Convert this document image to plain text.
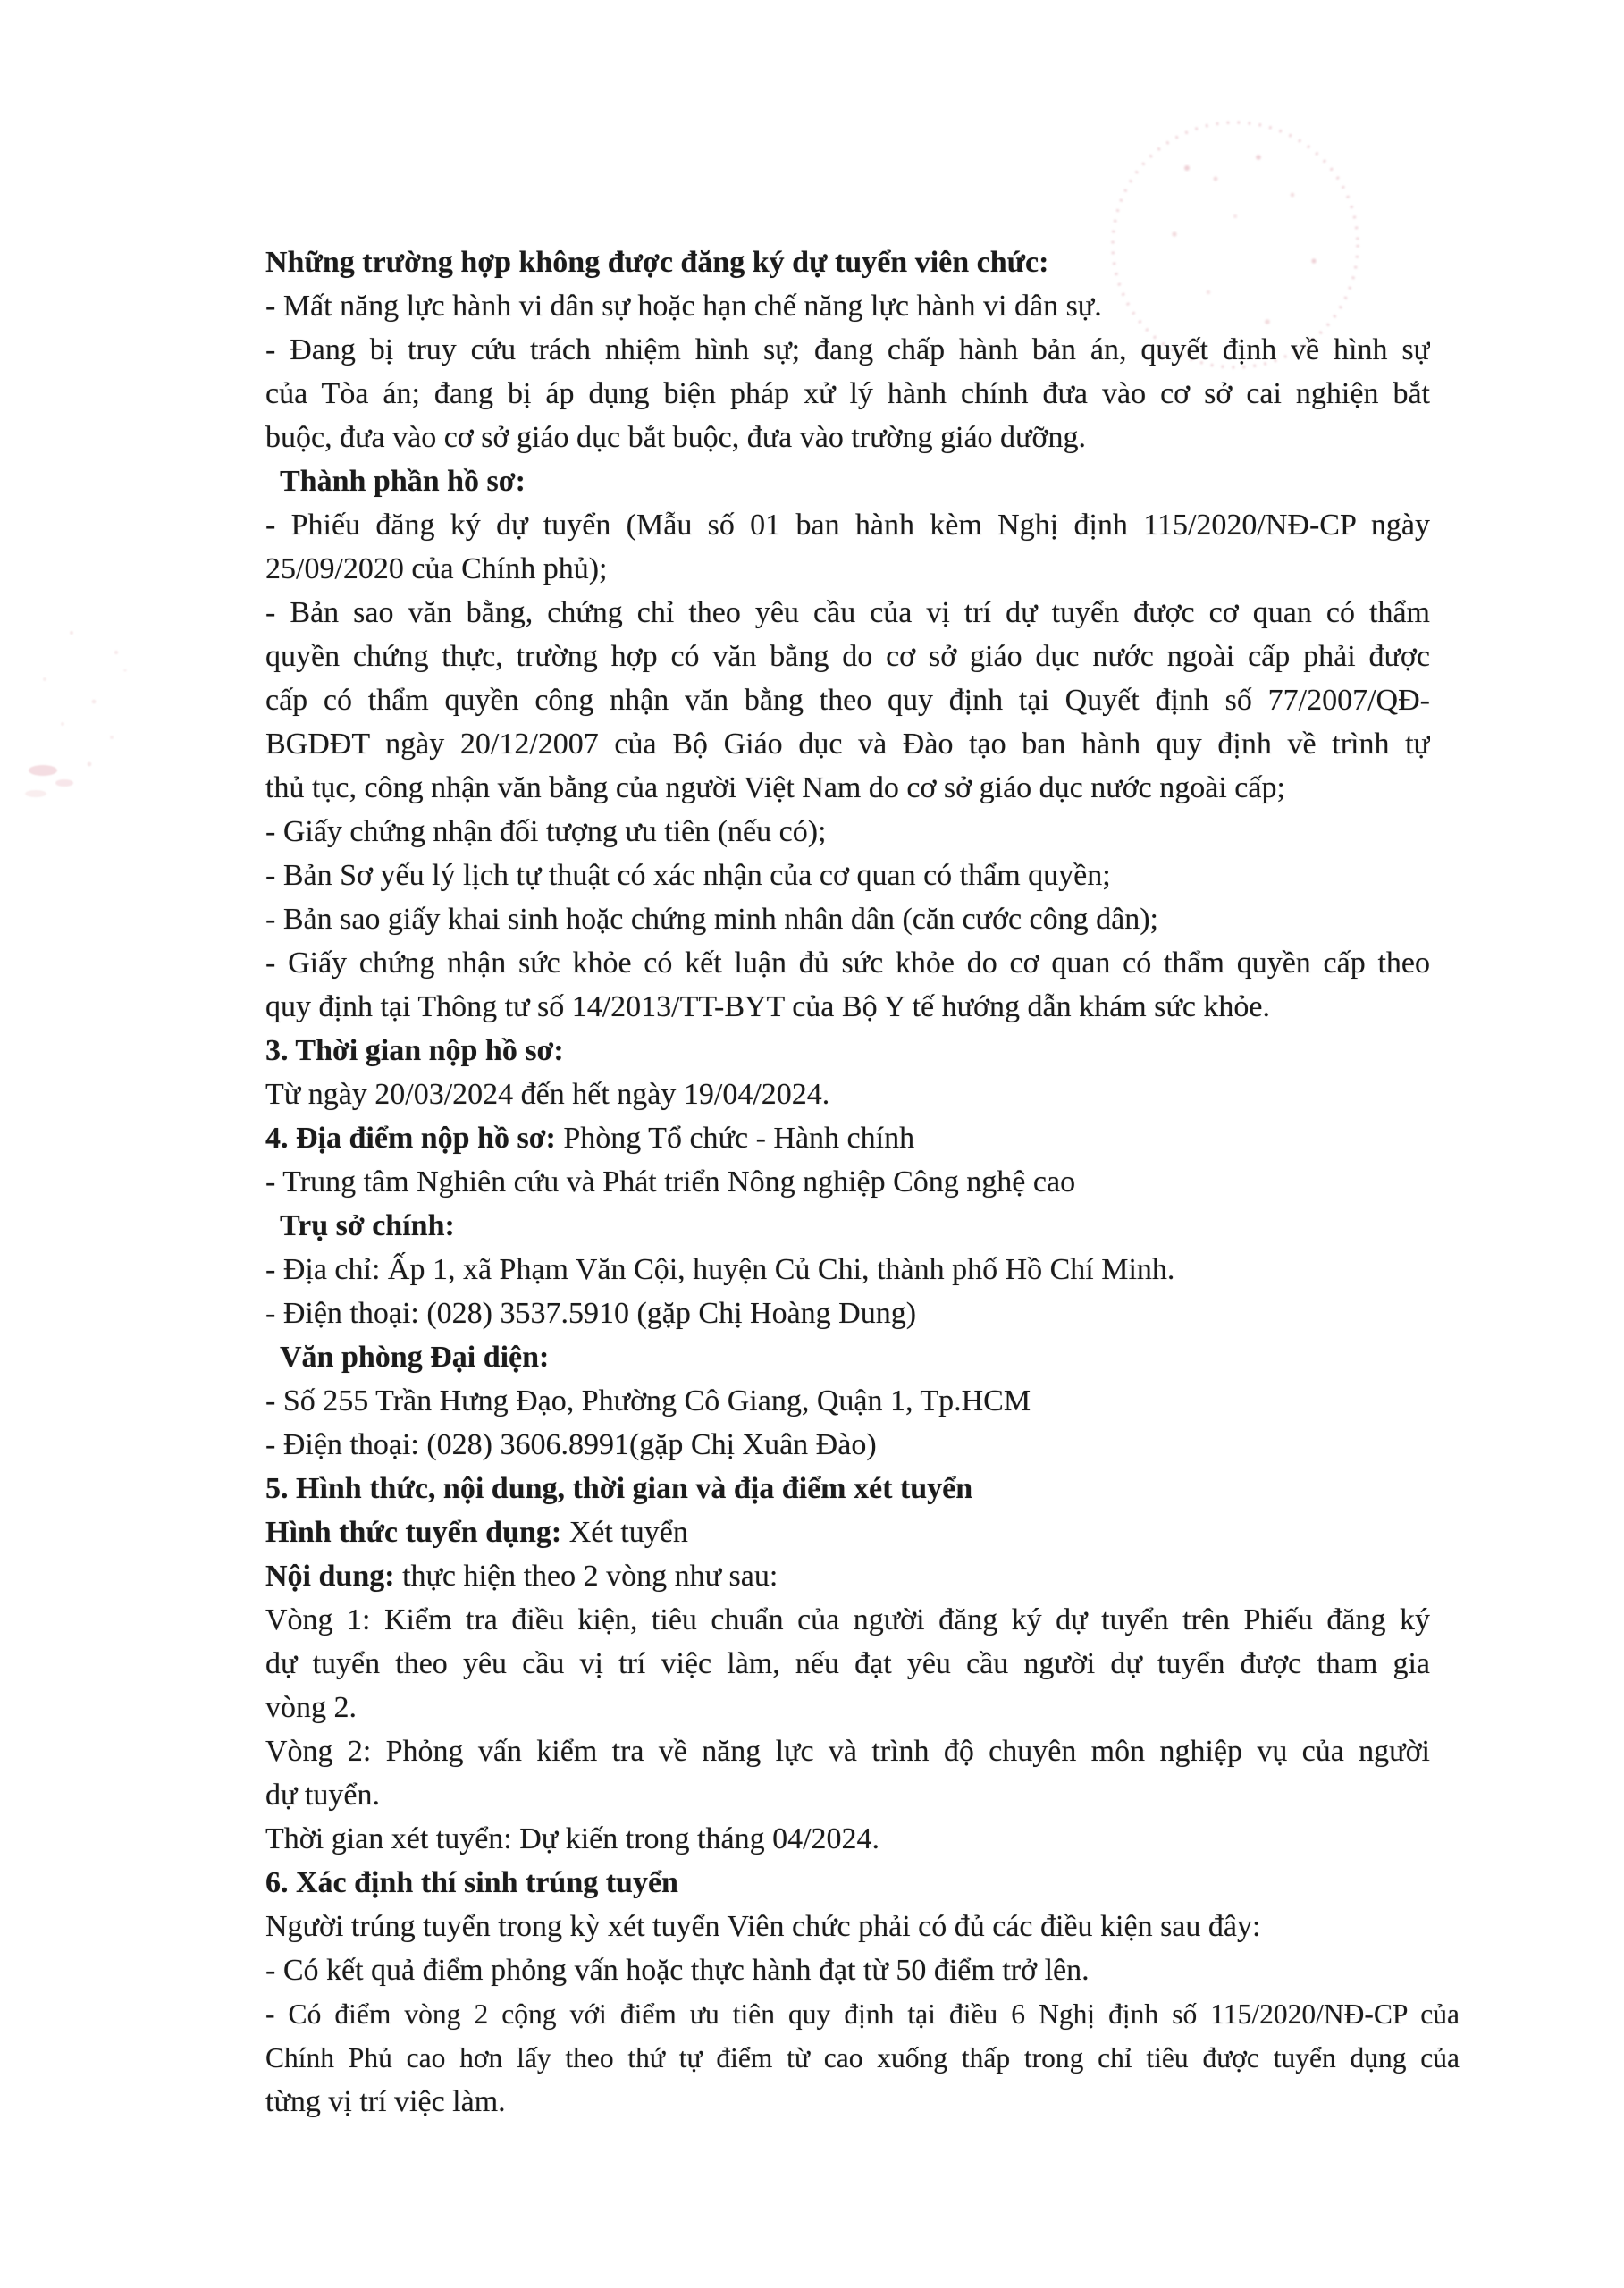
Những trường hợp không được đăng ký dự tuyển viên chức:
- Mất năng lực hành vi dân sự hoặc hạn chế năng lực hành vi dân sự.
- Đang bị truy cứu trách nhiệm hình sự; đang chấp hành bản án, quyết định về hình sự
của Tòa án; đang bị áp dụng biện pháp xử lý hành chính đưa vào cơ sở cai nghiện bắt
buộc, đưa vào cơ sở giáo dục bắt buộc, đưa vào trường giáo dưỡng.
Thành phần hồ sơ:
- Phiếu đăng ký dự tuyển (Mẫu số 01 ban hành kèm Nghị định 115/2020/NĐ-CP ngày
25/09/2020 của Chính phủ);
- Bản sao văn bằng, chứng chỉ theo yêu cầu của vị trí dự tuyển được cơ quan có thẩm
quyền chứng thực, trường hợp có văn bằng do cơ sở giáo dục nước ngoài cấp phải được
cấp có thẩm quyền công nhận văn bằng theo quy định tại Quyết định số 77/2007/QĐ-
BGDĐT ngày 20/12/2007 của Bộ Giáo dục và Đào tạo ban hành quy định về trình tự
thủ tục, công nhận văn bằng của người Việt Nam do cơ sở giáo dục nước ngoài cấp;
- Giấy chứng nhận đối tượng ưu tiên (nếu có);
- Bản Sơ yếu lý lịch tự thuật có xác nhận của cơ quan có thẩm quyền;
- Bản sao giấy khai sinh hoặc chứng minh nhân dân (căn cước công dân);
- Giấy chứng nhận sức khỏe có kết luận đủ sức khỏe do cơ quan có thẩm quyền cấp theo
quy định tại Thông tư số 14/2013/TT-BYT của Bộ Y tế hướng dẫn khám sức khỏe.
3. Thời gian nộp hồ sơ:
Từ ngày 20/03/2024 đến hết ngày 19/04/2024.
4. Địa điểm nộp hồ sơ: Phòng Tổ chức - Hành chính
- Trung tâm Nghiên cứu và Phát triển Nông nghiệp Công nghệ cao
Trụ sở chính:
- Địa chỉ: Ấp 1, xã Phạm Văn Cội, huyện Củ Chi, thành phố Hồ Chí Minh.
- Điện thoại: (028) 3537.5910 (gặp Chị Hoàng Dung)
Văn phòng Đại diện:
- Số 255 Trần Hưng Đạo, Phường Cô Giang, Quận 1, Tp.HCM
- Điện thoại: (028) 3606.8991(gặp Chị Xuân Đào)
5. Hình thức, nội dung, thời gian và địa điểm xét tuyển
Hình thức tuyển dụng: Xét tuyển
Nội dung: thực hiện theo 2 vòng như sau:
Vòng 1: Kiểm tra điều kiện, tiêu chuẩn của người đăng ký dự tuyển trên Phiếu đăng ký
dự tuyển theo yêu cầu vị trí việc làm, nếu đạt yêu cầu người dự tuyển được tham gia
vòng 2.
Vòng 2: Phỏng vấn kiểm tra về năng lực và trình độ chuyên môn nghiệp vụ của người
dự tuyển.
Thời gian xét tuyển: Dự kiến trong tháng 04/2024.
6. Xác định thí sinh trúng tuyển
Người trúng tuyển trong kỳ xét tuyển Viên chức phải có đủ các điều kiện sau đây:
- Có kết quả điểm phỏng vấn hoặc thực hành đạt từ 50 điểm trở lên.
- Có điểm vòng 2 cộng với điểm ưu tiên quy định tại điều 6 Nghị định số 115/2020/NĐ-CP của
Chính Phủ cao hơn lấy theo thứ tự điểm từ cao xuống thấp trong chỉ tiêu được tuyển dụng của
từng vị trí việc làm.
